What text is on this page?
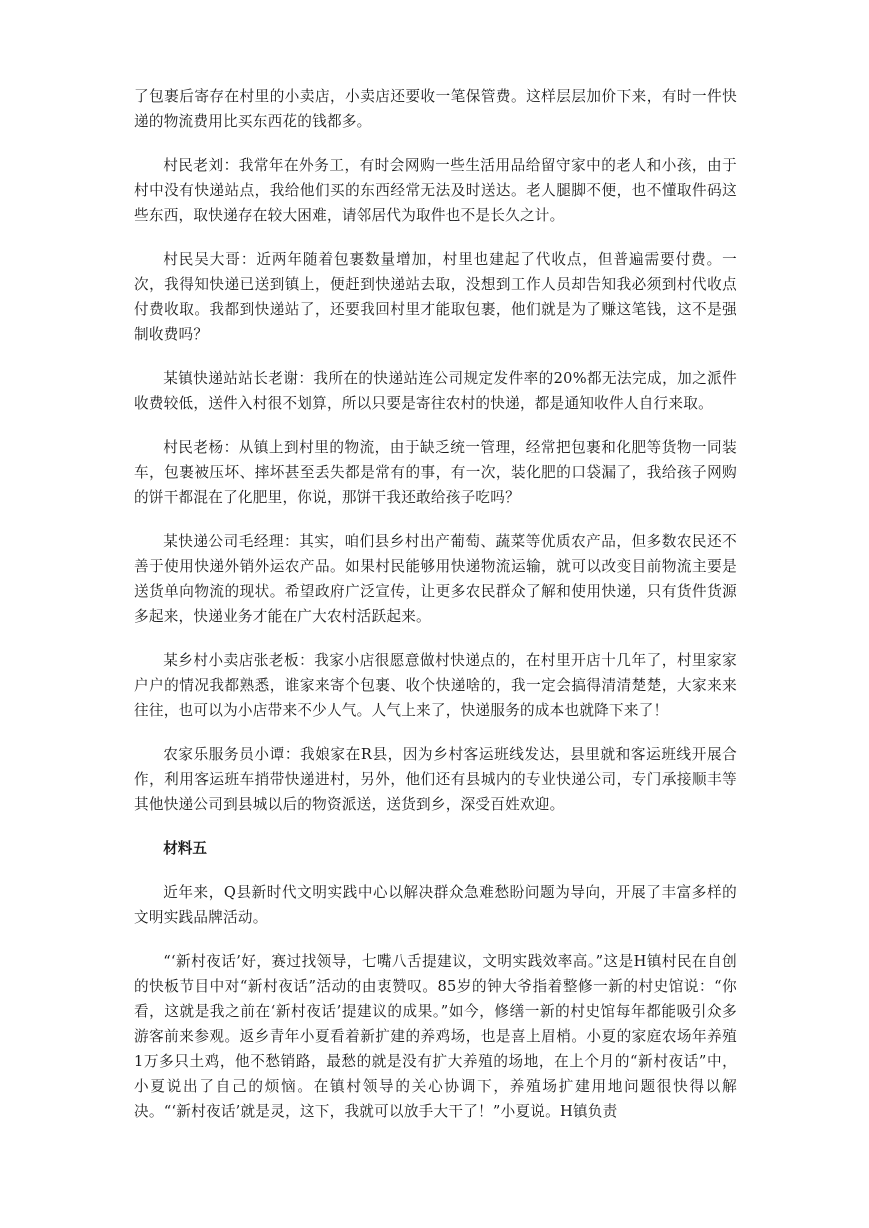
了包裹后寄存在村里的小卖店，小卖店还要收一笔保管费。这样层层加价下来，有时一件快递的物流费用比买东西花的钱都多。

村民老刘：我常年在外务工，有时会网购一些生活用品给留守家中的老人和小孩，由于村中没有快递站点，我给他们买的东西经常无法及时送达。老人腿脚不便，也不懂取件码这些东西，取快递存在较大困难，请邻居代为取件也不是长久之计。

村民吴大哥：近两年随着包裹数量增加，村里也建起了代收点，但普遍需要付费。一次，我得知快递已送到镇上，便赶到快递站去取，没想到工作人员却告知我必须到村代收点付费收取。我都到快递站了，还要我回村里才能取包裹，他们就是为了赚这笔钱，这不是强制收费吗？

某镇快递站站长老谢：我所在的快递站连公司规定发件率的20%都无法完成，加之派件收费较低，送件入村很不划算，所以只要是寄往农村的快递，都是通知收件人自行来取。

村民老杨：从镇上到村里的物流，由于缺乏统一管理，经常把包裹和化肥等货物一同装车，包裹被压坏、摔坏甚至丢失都是常有的事，有一次，装化肥的口袋漏了，我给孩子网购的饼干都混在了化肥里，你说，那饼干我还敢给孩子吃吗？

某快递公司毛经理：其实，咱们县乡村出产葡萄、蔬菜等优质农产品，但多数农民还不善于使用快递外销外运农产品。如果村民能够用快递物流运输，就可以改变目前物流主要是送货单向物流的现状。希望政府广泛宣传，让更多农民群众了解和使用快递，只有货件货源多起来，快递业务才能在广大农村活跃起来。

某乡村小卖店张老板：我家小店很愿意做村快递点的，在村里开店十几年了，村里家家户户的情况我都熟悉，谁家来寄个包裹、收个快递啥的，我一定会搞得清清楚楚，大家来来往往，也可以为小店带来不少人气。人气上来了，快递服务的成本也就降下来了！

农家乐服务员小谭：我娘家在R县，因为乡村客运班线发达，县里就和客运班线开展合作，利用客运班车捎带快递进村，另外，他们还有县城内的专业快递公司，专门承接顺丰等其他快递公司到县城以后的物资派送，送货到乡，深受百姓欢迎。

材料五

近年来，Q县新时代文明实践中心以解决群众急难愁盼问题为导向，开展了丰富多样的文明实践品牌活动。

“‘新村夜话’好，赛过找领导，七嘴八舌提建议，文明实践效率高。”这是H镇村民在自创的快板节目中对“新村夜话”活动的由衷赞叹。85岁的钟大爷指着整修一新的村史馆说：“你看，这就是我之前在‘新村夜话’提建议的成果。”如今，修缮一新的村史馆每年都能吸引众多游客前来参观。返乡青年小夏看着新扩建的养鸡场，也是喜上眉梢。小夏的家庭农场年养殖1万多只土鸡，他不愁销路，最愁的就是没有扩大养殖的场地，在上个月的“新村夜话”中，小夏说出了自己的烦恼。在镇村领导的关心协调下，养殖场扩建用地问题很快得以解决。“‘新村夜话’就是灵，这下，我就可以放手大干了！”小夏说。H镇负责
